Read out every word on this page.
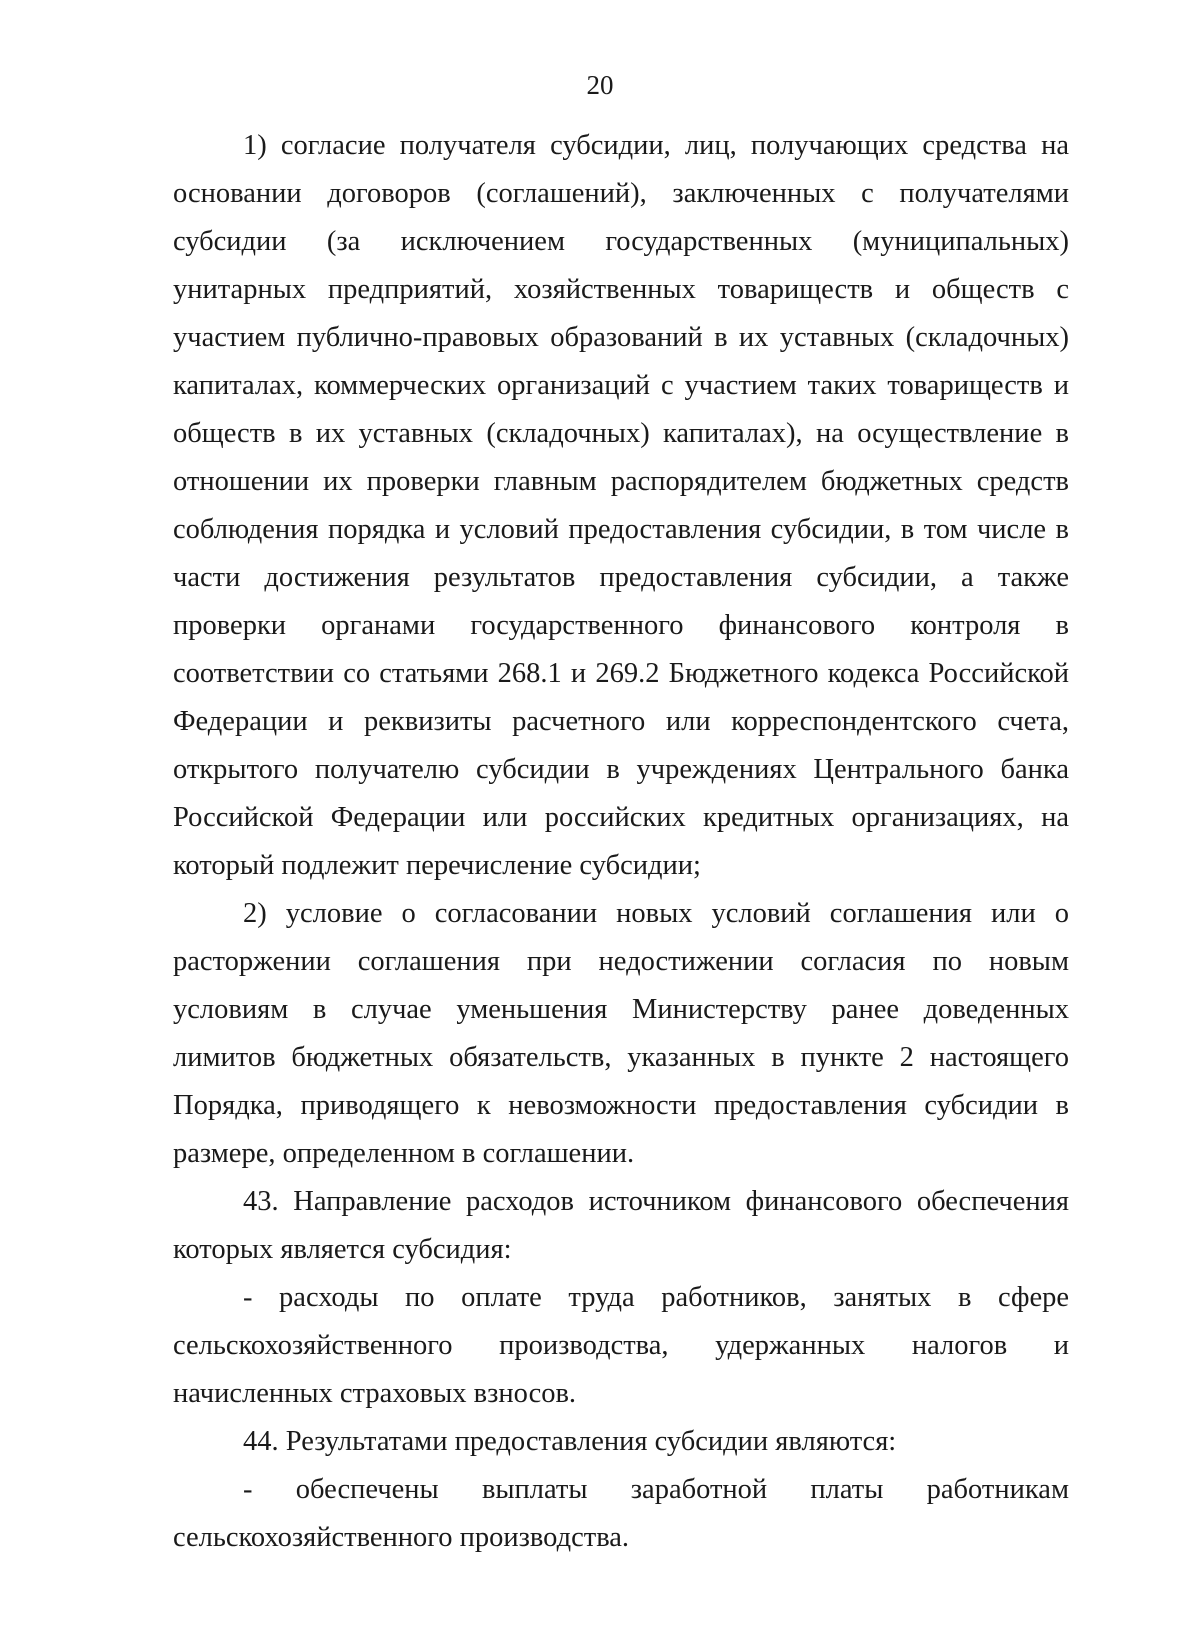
20

1) согласие получателя субсидии, лиц, получающих средства на основании договоров (соглашений), заключенных с получателями субсидии (за исключением государственных (муниципальных) унитарных предприятий, хозяйственных товариществ и обществ с участием публично-правовых образований в их уставных (складочных) капиталах, коммерческих организаций с участием таких товариществ и обществ в их уставных (складочных) капиталах), на осуществление в отношении их проверки главным распорядителем бюджетных средств соблюдения порядка и условий предоставления субсидии, в том числе в части достижения результатов предоставления субсидии, а также проверки органами государственного финансового контроля в соответствии со статьями 268.1 и 269.2 Бюджетного кодекса Российской Федерации и реквизиты расчетного или корреспондентского счета, открытого получателю субсидии в учреждениях Центрального банка Российской Федерации или российских кредитных организациях, на который подлежит перечисление субсидии;

2) условие о согласовании новых условий соглашения или о расторжении соглашения при недостижении согласия по новым условиям в случае уменьшения Министерству ранее доведенных лимитов бюджетных обязательств, указанных в пункте 2 настоящего Порядка, приводящего к невозможности предоставления субсидии в размере, определенном в соглашении.

43. Направление расходов источником финансового обеспечения которых является субсидия:

- расходы по оплате труда работников, занятых в сфере сельскохозяйственного производства, удержанных налогов и начисленных страховых взносов.

44. Результатами предоставления субсидии являются:

- обеспечены выплаты заработной платы работникам сельскохозяйственного производства.
